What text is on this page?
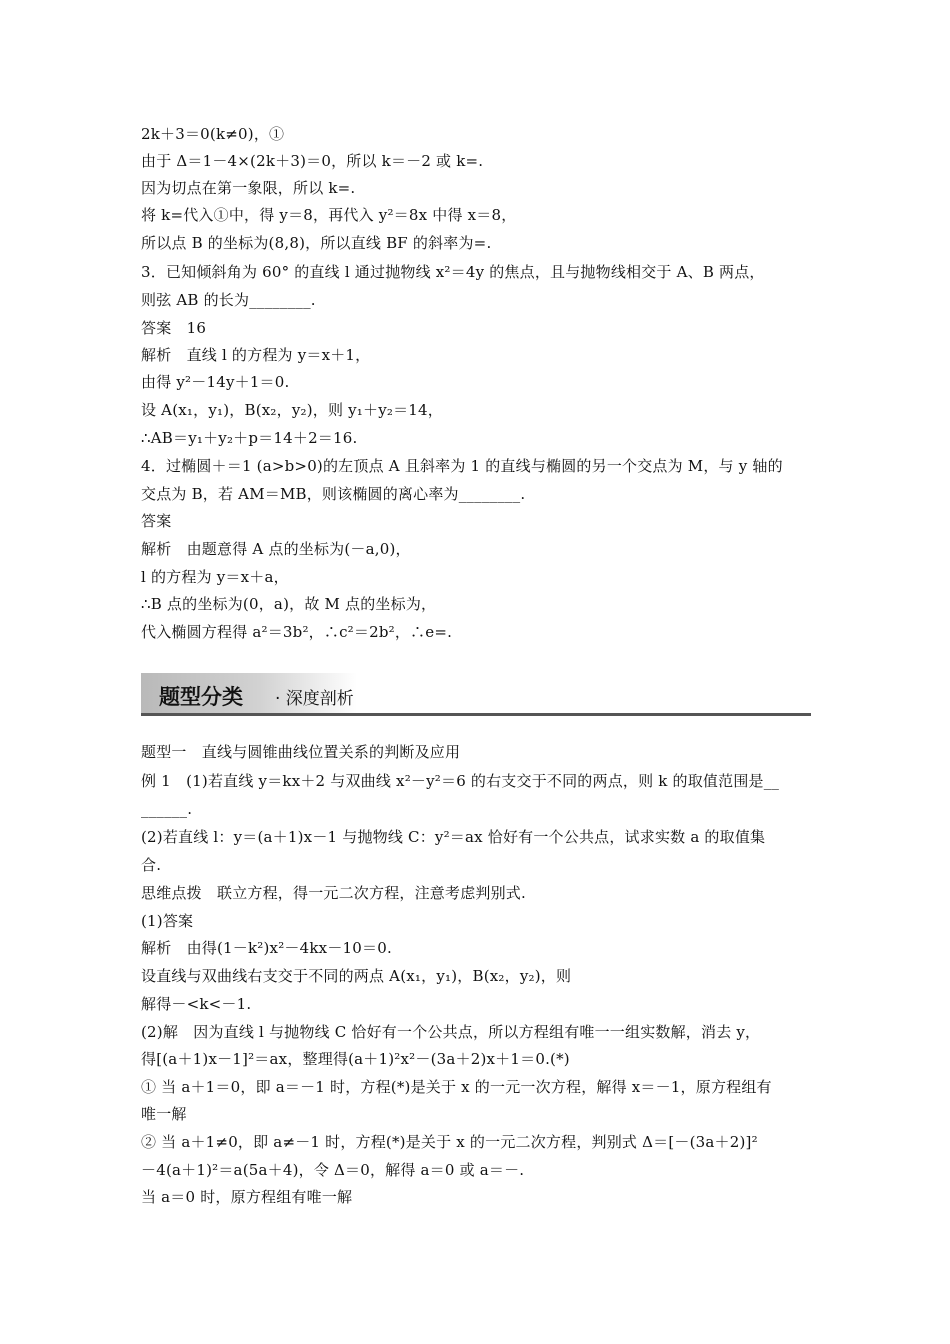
2k＋3＝0(k≠0)，①
由于 Δ＝1－4×(2k＋3)＝0，所以 k＝－2 或 k=.
因为切点在第一象限，所以 k=.
将 k=代入①中，得 y＝8，再代入 y²＝8x 中得 x＝8，
所以点 B 的坐标为(8,8)，所以直线 BF 的斜率为=.
3．已知倾斜角为 60° 的直线 l 通过抛物线 x²＝4y 的焦点，且与抛物线相交于 A、B 两点，
则弦 AB 的长为________.
答案　16
解析　直线 l 的方程为 y＝x＋1，
由得 y²－14y＋1＝0.
设 A(x₁，y₁)，B(x₂，y₂)，则 y₁＋y₂＝14，
∴AB＝y₁＋y₂＋p＝14＋2＝16.
4．过椭圆＋＝1 (a>b>0)的左顶点 A 且斜率为 1 的直线与椭圆的另一个交点为 M，与 y 轴的
交点为 B，若 AM＝MB，则该椭圆的离心率为________.
答案
解析　由题意得 A 点的坐标为(－a,0)，
l 的方程为 y＝x＋a，
∴B 点的坐标为(0，a)，故 M 点的坐标为，
代入椭圆方程得 a²＝3b²，∴c²＝2b²，∴e=.
题型分类 · 深度剖析
题型一　直线与圆锥曲线位置关系的判断及应用
例 1　(1)若直线 y＝kx＋2 与双曲线 x²－y²＝6 的右支交于不同的两点，则 k 的取值范围是__
______.
(2)若直线 l：y＝(a＋1)x－1 与抛物线 C：y²＝ax 恰好有一个公共点，试求实数 a 的取值集
合.
思维点拨　联立方程，得一元二次方程，注意考虑判别式.
(1)答案
解析　由得(1－k²)x²－4kx－10＝0.
设直线与双曲线右支交于不同的两点 A(x₁，y₁)，B(x₂，y₂)，则
解得－<k<－1.
(2)解　因为直线 l 与抛物线 C 恰好有一个公共点，所以方程组有唯一一组实数解，消去 y，
得[(a＋1)x－1]²＝ax，整理得(a＋1)²x²－(3a＋2)x＋1＝0.(*)
① 当 a＋1＝0，即 a＝－1 时，方程(*)是关于 x 的一元一次方程，解得 x＝－1，原方程组有
唯一解
② 当 a＋1≠0，即 a≠－1 时，方程(*)是关于 x 的一元二次方程，判别式 Δ＝[－(3a＋2)]²
－4(a＋1)²＝a(5a＋4)，令 Δ＝0，解得 a＝0 或 a＝－.
当 a＝0 时，原方程组有唯一解
